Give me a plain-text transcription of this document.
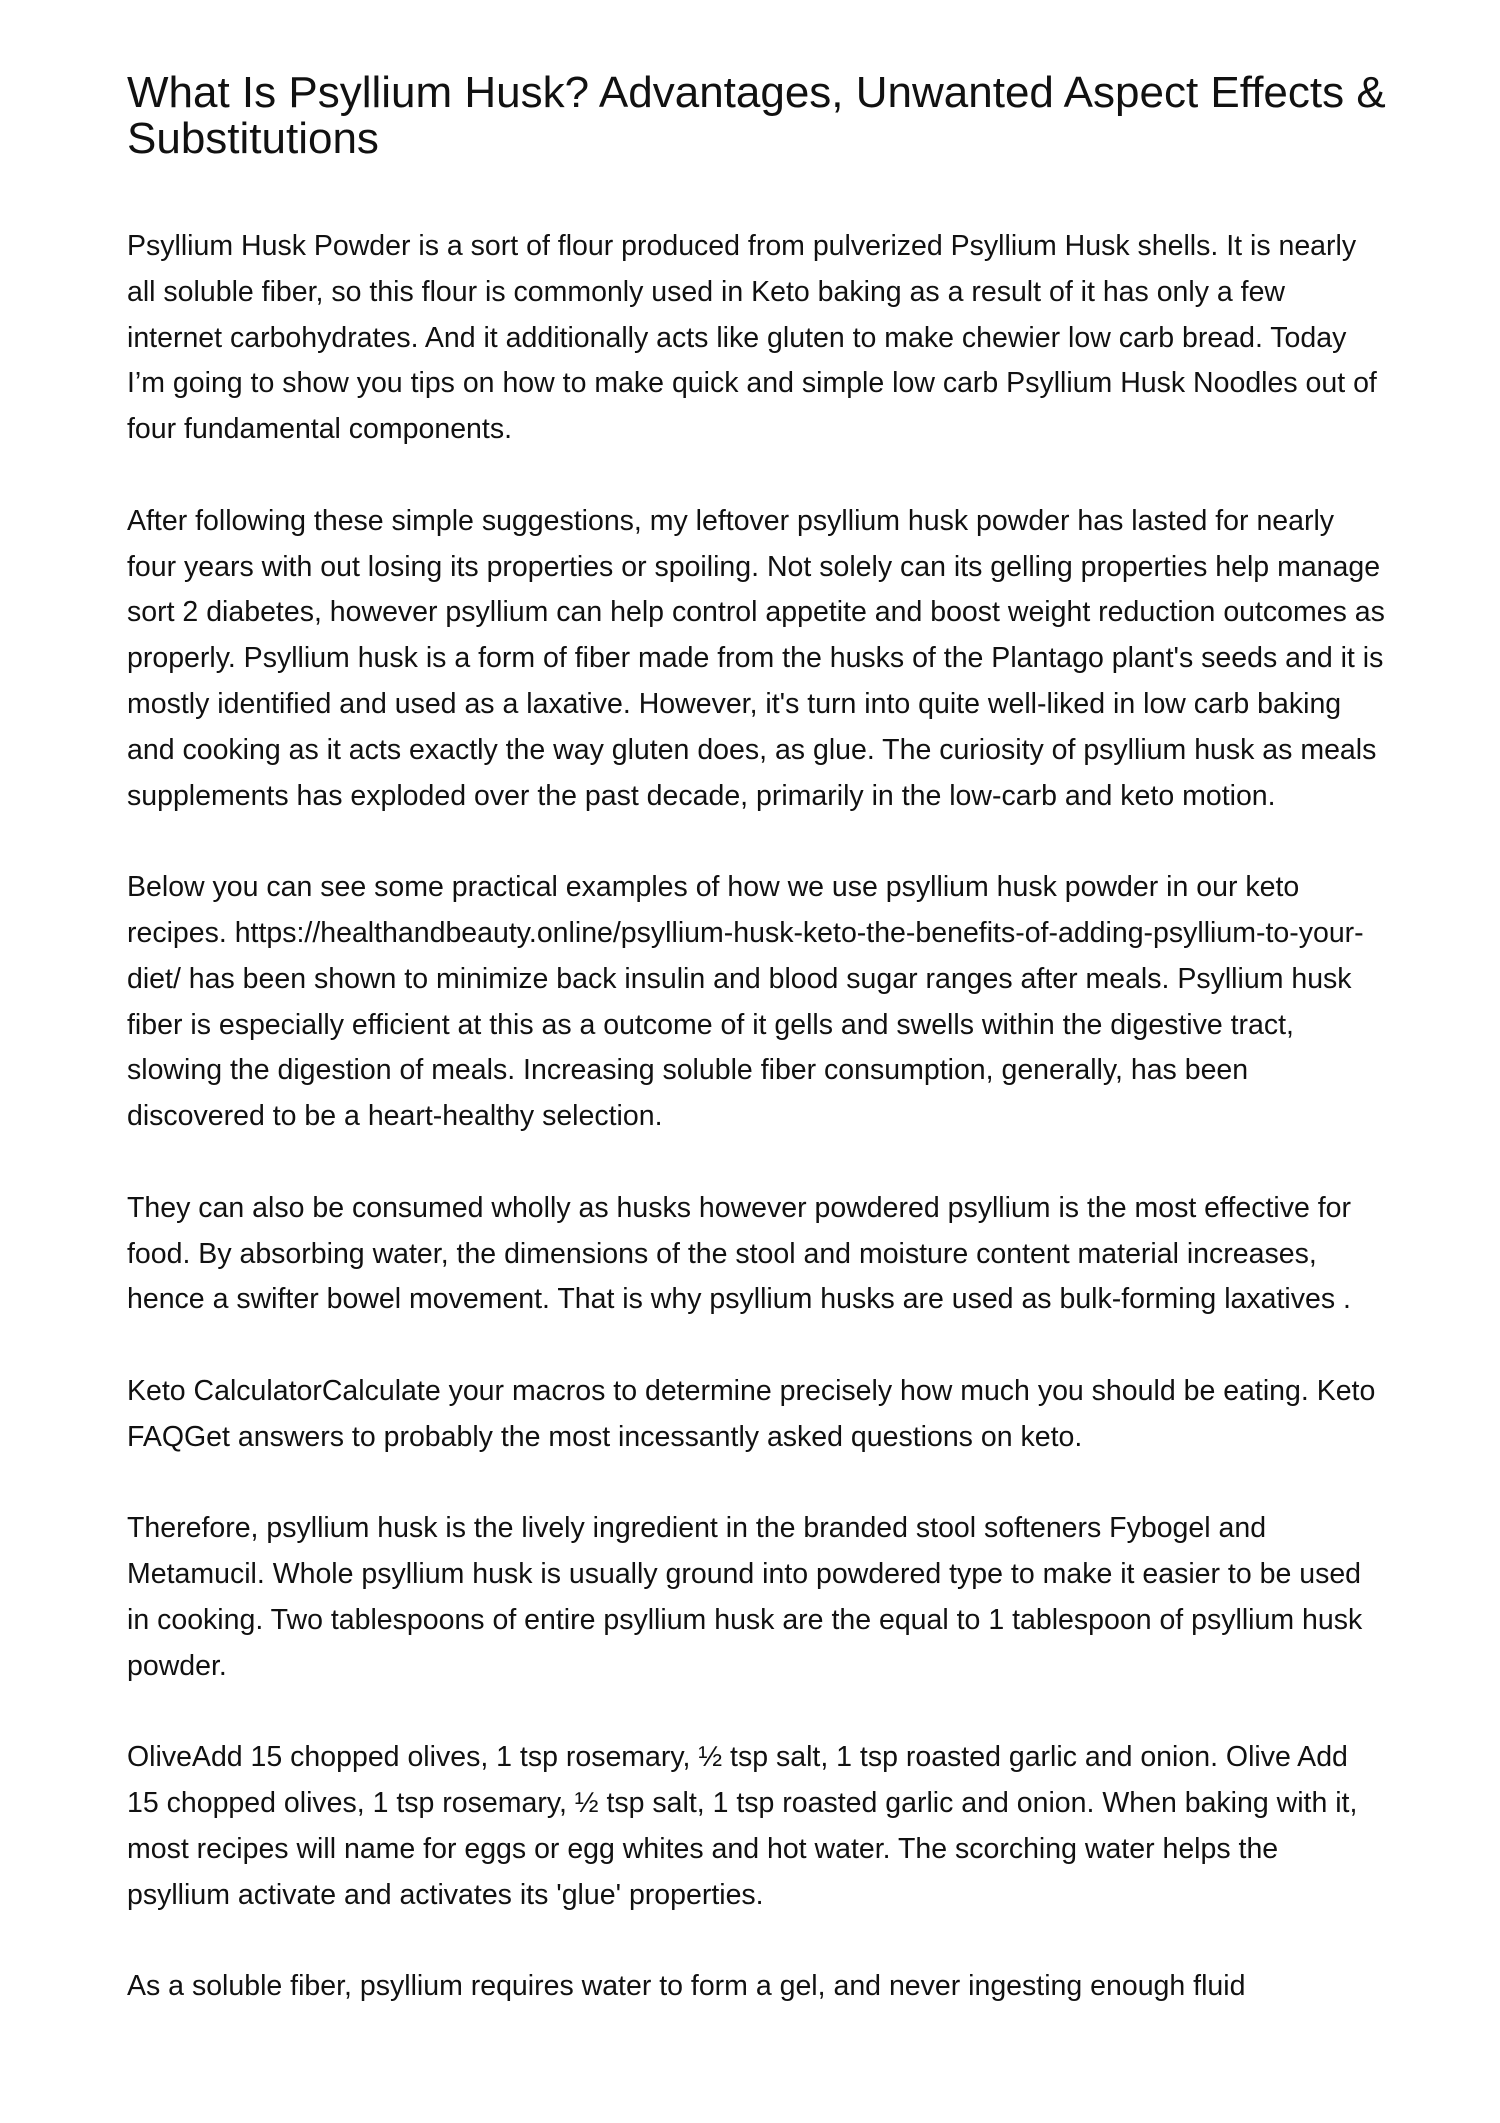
What Is Psyllium Husk? Advantages, Unwanted Aspect Effects & Substitutions

Psyllium Husk Powder is a sort of flour produced from pulverized Psyllium Husk shells. It is nearly all soluble fiber, so this flour is commonly used in Keto baking as a result of it has only a few internet carbohydrates. And it additionally acts like gluten to make chewier low carb bread. Today I’m going to show you tips on how to make quick and simple low carb Psyllium Husk Noodles out of four fundamental components.

After following these simple suggestions, my leftover psyllium husk powder has lasted for nearly four years with out losing its properties or spoiling. Not solely can its gelling properties help manage sort 2 diabetes, however psyllium can help control appetite and boost weight reduction outcomes as properly. Psyllium husk is a form of fiber made from the husks of the Plantago plant's seeds and it is mostly identified and used as a laxative. However, it's turn into quite well-liked in low carb baking and cooking as it acts exactly the way gluten does, as glue. The curiosity of psyllium husk as meals supplements has exploded over the past decade, primarily in the low-carb and keto motion.

Below you can see some practical examples of how we use psyllium husk powder in our keto recipes. https://healthandbeauty.online/psyllium-husk-keto-the-benefits-of-adding-psyllium-to-your-diet/ has been shown to minimize back insulin and blood sugar ranges after meals. Psyllium husk fiber is especially efficient at this as a outcome of it gells and swells within the digestive tract, slowing the digestion of meals. Increasing soluble fiber consumption, generally, has been discovered to be a heart-healthy selection.

They can also be consumed wholly as husks however powdered psyllium is the most effective for food. By absorbing water, the dimensions of the stool and moisture content material increases, hence a swifter bowel movement. That is why psyllium husks are used as bulk-forming laxatives .

Keto CalculatorCalculate your macros to determine precisely how much you should be eating. Keto FAQGet answers to probably the most incessantly asked questions on keto.

Therefore, psyllium husk is the lively ingredient in the branded stool softeners Fybogel and Metamucil. Whole psyllium husk is usually ground into powdered type to make it easier to be used in cooking. Two tablespoons of entire psyllium husk are the equal to 1 tablespoon of psyllium husk powder.

OliveAdd 15 chopped olives, 1 tsp rosemary, ½ tsp salt, 1 tsp roasted garlic and onion. Olive Add 15 chopped olives, 1 tsp rosemary, ½ tsp salt, 1 tsp roasted garlic and onion. When baking with it, most recipes will name for eggs or egg whites and hot water. The scorching water helps the psyllium activate and activates its 'glue' properties.

As a soluble fiber, psyllium requires water to form a gel, and never ingesting enough fluid
